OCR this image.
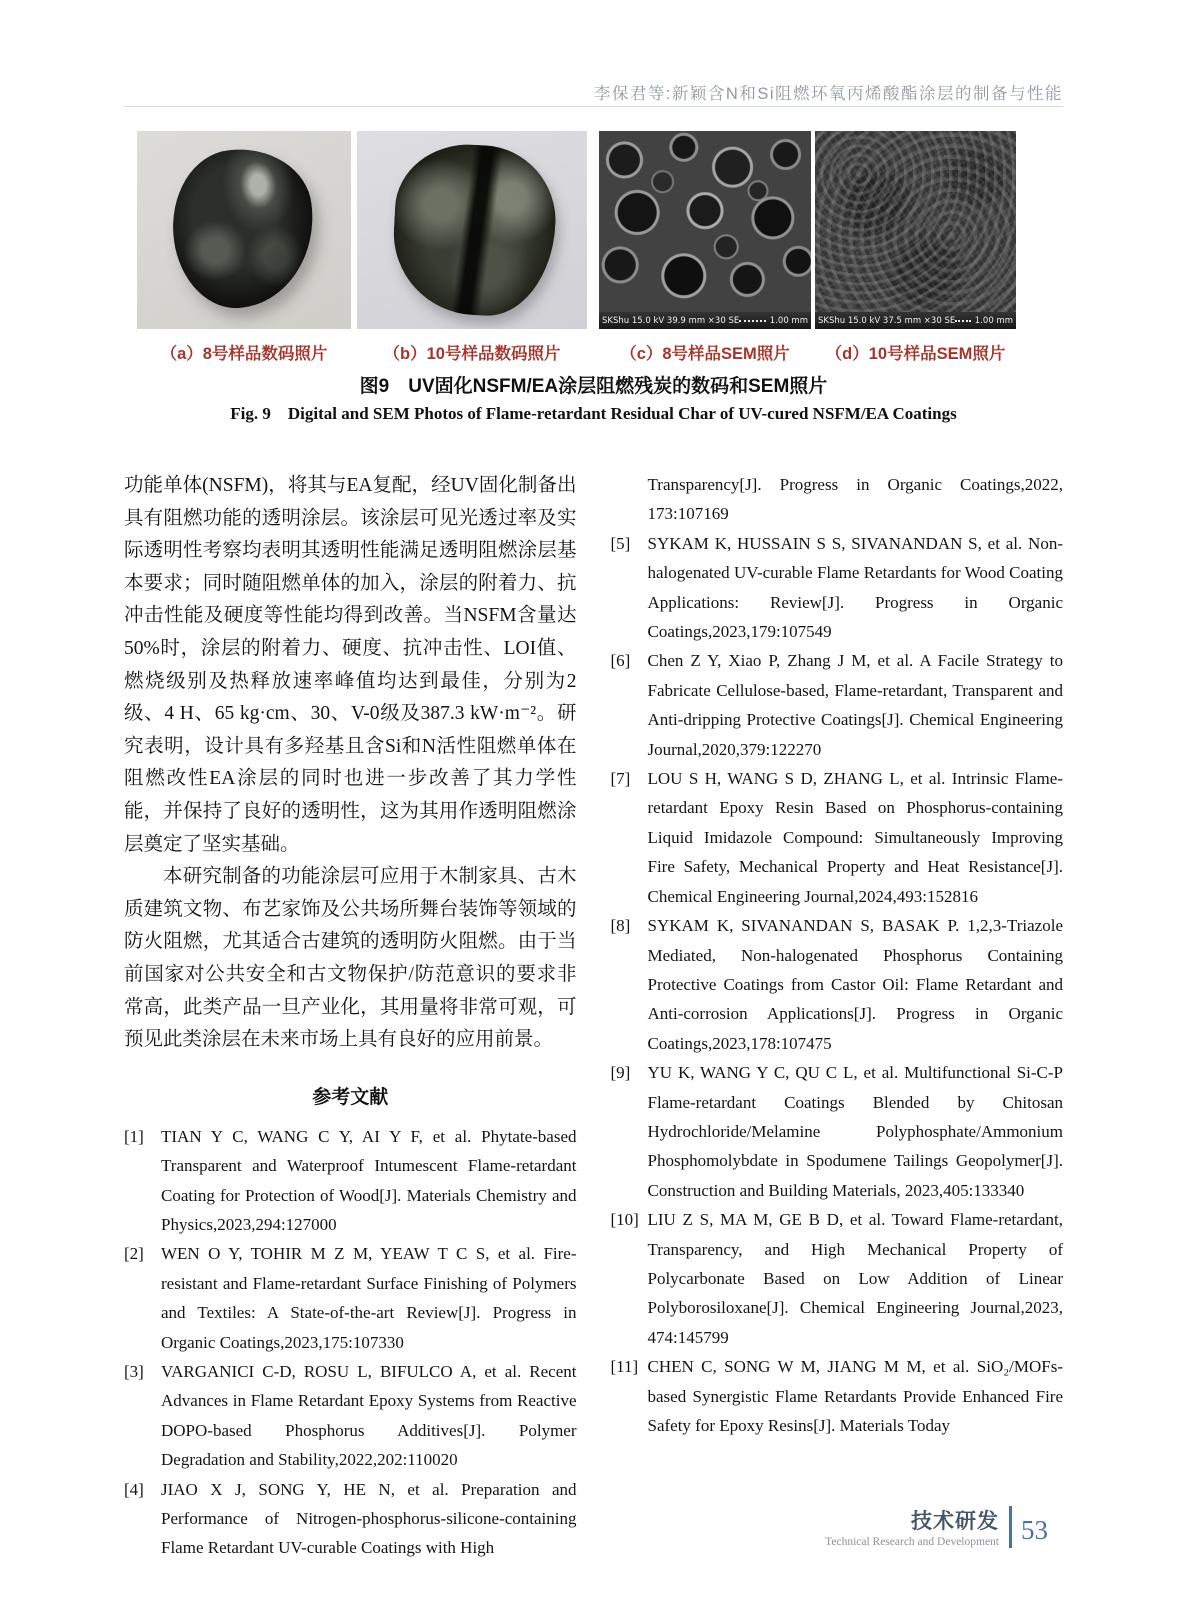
李保君等:新颖含N和Si阻燃环氧丙烯酸酯涂层的制备与性能
（a）8号样品数码照片	（b）10号样品数码照片
SKShu 15.0 kV 39.9 mm ×30 SE	1.00 mm
（c）8号样品SEM照片
SKShu 15.0 kV 37.5 mm ×30 SE 1.00 mm
（d）10号样品SEM照片
图9　UV固化NSFM/EA涂层阻燃残炭的数码和SEM照片
Fig. 9　Digital and SEM Photos of Flame-retardant Residual Char of UV-cured NSFM/EA Coatings

功能单体(NSFM)，将其与EA复配，经UV固化制备出具有阻燃功能的透明涂层。该涂层可见光透过率及实际透明性考察均表明其透明性能满足透明阻燃涂层基本要求；同时随阻燃单体的加入，涂层的附着力、抗冲击性能及硬度等性能均得到改善。当NSFM含量达50%时，涂层的附着力、硬度、抗冲击性、LOI值、燃烧级别及热释放速率峰值均达到最佳，分别为2级、4 H、65 kg·cm、30、V-0级及387.3 kW·m⁻²。研究表明，设计具有多羟基且含Si和N活性阻燃单体在阻燃改性EA涂层的同时也进一步改善了其力学性能，并保持了良好的透明性，这为其用作透明阻燃涂层奠定了坚实基础。

本研究制备的功能涂层可应用于木制家具、古木质建筑文物、布艺家饰及公共场所舞台装饰等领域的防火阻燃，尤其适合古建筑的透明防火阻燃。由于当前国家对公共安全和古文物保护/防范意识的要求非常高，此类产品一旦产业化，其用量将非常可观，可预见此类涂层在未来市场上具有良好的应用前景。

参考文献
[1] TIAN Y C, WANG C Y, AI Y F, et al. Phytate-based Transparent and Waterproof Intumescent Flame-retardant Coating for Protection of Wood[J]. Materials Chemistry and Physics,2023,294:127000
[2] WEN O Y, TOHIR M Z M, YEAW T C S, et al. Fire-resistant and Flame-retardant Surface Finishing of Polymers and Textiles: A State-of-the-art Review[J]. Progress in Organic Coatings,2023,175:107330
[3] VARGANICI C-D, ROSU L, BIFULCO A, et al. Recent Advances in Flame Retardant Epoxy Systems from Reactive DOPO-based Phosphorus Additives[J]. Polymer Degradation and Stability,2022,202:110020
[4] JIAO X J, SONG Y, HE N, et al. Preparation and Performance of Nitrogen-phosphorus-silicone-containing Flame Retardant UV-curable Coatings with High
Transparency[J]. Progress in Organic Coatings,2022, 173:107169
[5] SYKAM K, HUSSAIN S S, SIVANANDAN S, et al. Non-halogenated UV-curable Flame Retardants for Wood Coating Applications: Review[J]. Progress in Organic Coatings,2023,179:107549
[6] Chen Z Y, Xiao P, Zhang J M, et al. A Facile Strategy to Fabricate Cellulose-based, Flame-retardant, Transparent and Anti-dripping Protective Coatings[J]. Chemical Engineering Journal,2020,379:122270
[7] LOU S H, WANG S D, ZHANG L, et al. Intrinsic Flame-retardant Epoxy Resin Based on Phosphorus-containing Liquid Imidazole Compound: Simultaneously Improving Fire Safety, Mechanical Property and Heat Resistance[J]. Chemical Engineering Journal,2024,493:152816
[8] SYKAM K, SIVANANDAN S, BASAK P. 1,2,3-Triazole Mediated, Non-halogenated Phosphorus Containing Protective Coatings from Castor Oil: Flame Retardant and Anti-corrosion Applications[J]. Progress in Organic Coatings,2023,178:107475
[9] YU K, WANG Y C, QU C L, et al. Multifunctional Si-C-P Flame-retardant Coatings Blended by Chitosan Hydrochloride/Melamine Polyphosphate/Ammonium Phosphomolybdate in Spodumene Tailings Geopolymer[J]. Construction and Building Materials, 2023,405:133340
[10] LIU Z S, MA M, GE B D, et al. Toward Flame-retardant, Transparency, and High Mechanical Property of Polycarbonate Based on Low Addition of Linear Polyborosiloxane[J]. Chemical Engineering Journal,2023, 474:145799
[11] CHEN C, SONG W M, JIANG M M, et al. SiO₂/MOFs-based Synergistic Flame Retardants Provide Enhanced Fire Safety for Epoxy Resins[J]. Materials Today
技术研发
Technical Research and Development 53
